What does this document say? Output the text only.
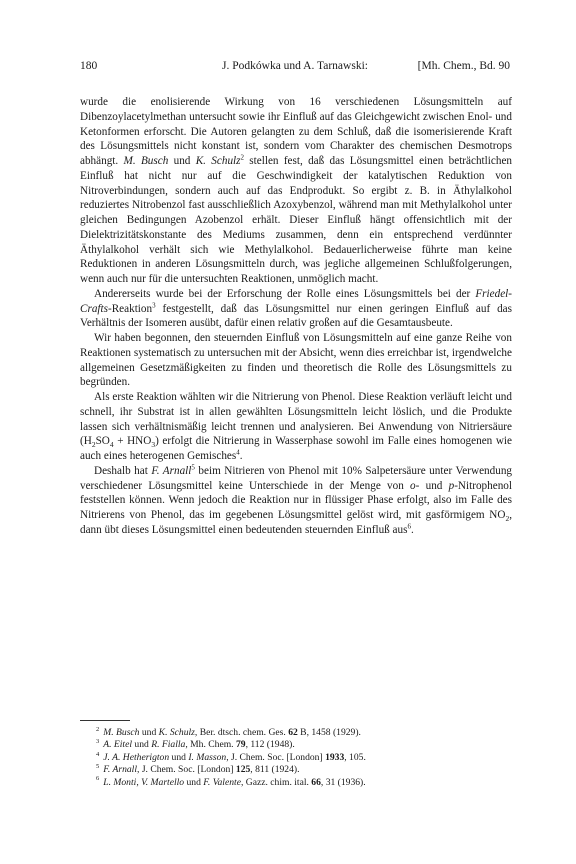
180	J. Podkówka und A. Tarnawski:	[Mh. Chem., Bd. 90

wurde die enolisierende Wirkung von 16 verschiedenen Lösungsmitteln auf Dibenzoylacetylmethan untersucht sowie ihr Einfluß auf das Gleichgewicht zwischen Enol- und Ketonformen erforscht. Die Autoren gelangten zu dem Schluß, daß die isomerisierende Kraft des Lösungsmittels nicht konstant ist, sondern vom Charakter des chemischen Desmotrops abhängt. M. Busch und K. Schulz$^2$ stellen fest, daß das Lösungsmittel einen beträchtlichen Einfluß hat nicht nur auf die Geschwindigkeit der katalytischen Reduktion von Nitroverbindungen, sondern auch auf das Endprodukt. So ergibt z. B. in Äthylalkohol reduziertes Nitrobenzol fast ausschließlich Azoxybenzol, während man mit Methylalkohol unter gleichen Bedingungen Azobenzol erhält. Dieser Einfluß hängt offensichtlich mit der Dielektrizitätskonstante des Mediums zusammen, denn ein entsprechend verdünnter Äthylalkohol verhält sich wie Methylalkohol. Bedauerlicherweise führte man keine Reduktionen in anderen Lösungsmitteln durch, was jegliche allgemeinen Schlußfolgerungen, wenn auch nur für die untersuchten Reaktionen, unmöglich macht.

Andererseits wurde bei der Erforschung der Rolle eines Lösungsmittels bei der Friedel-Crafts-Reaktion$^3$ festgestellt, daß das Lösungsmittel nur einen geringen Einfluß auf das Verhältnis der Isomeren ausübt, dafür einen relativ großen auf die Gesamtausbeute.

Wir haben begonnen, den steuernden Einfluß von Lösungsmitteln auf eine ganze Reihe von Reaktionen systematisch zu untersuchen mit der Absicht, wenn dies erreichbar ist, irgendwelche allgemeinen Gesetzmäßigkeiten zu finden und theoretisch die Rolle des Lösungsmittels zu begründen.

Als erste Reaktion wählten wir die Nitrierung von Phenol. Diese Reaktion verläuft leicht und schnell, ihr Substrat ist in allen gewählten Lösungsmitteln leicht löslich, und die Produkte lassen sich verhältnismäßig leicht trennen und analysieren. Bei Anwendung von Nitriersäure $(H_2SO_4 + HNO_3)$ erfolgt die Nitrierung in Wasserphase sowohl im Falle eines homogenen wie auch eines heterogenen Gemisches$^4$.

Deshalb hat F. Arnall$^5$ beim Nitrieren von Phenol mit 10% Salpetersäure unter Verwendung verschiedener Lösungsmittel keine Unterschiede in der Menge von o- und p-Nitrophenol feststellen können. Wenn jedoch die Reaktion nur in flüssiger Phase erfolgt, also im Falle des Nitrierens von Phenol, das im gegebenen Lösungsmittel gelöst wird, mit gasförmigem $NO_2$, dann übt dieses Lösungsmittel einen bedeutenden steuernden Einfluß aus$^6$.

$^2$ M. Busch und K. Schulz, Ber. dtsch. chem. Ges. 62 B, 1458 (1929).
$^3$ A. Eitel und R. Fialla, Mh. Chem. 79, 112 (1948).
$^4$ J. A. Hetherigton und I. Masson, J. Chem. Soc. [London] 1933, 105.
$^5$ F. Arnall, J. Chem. Soc. [London] 125, 811 (1924).
$^6$ L. Monti, V. Martello und F. Valente, Gazz. chim. ital. 66, 31 (1936).
